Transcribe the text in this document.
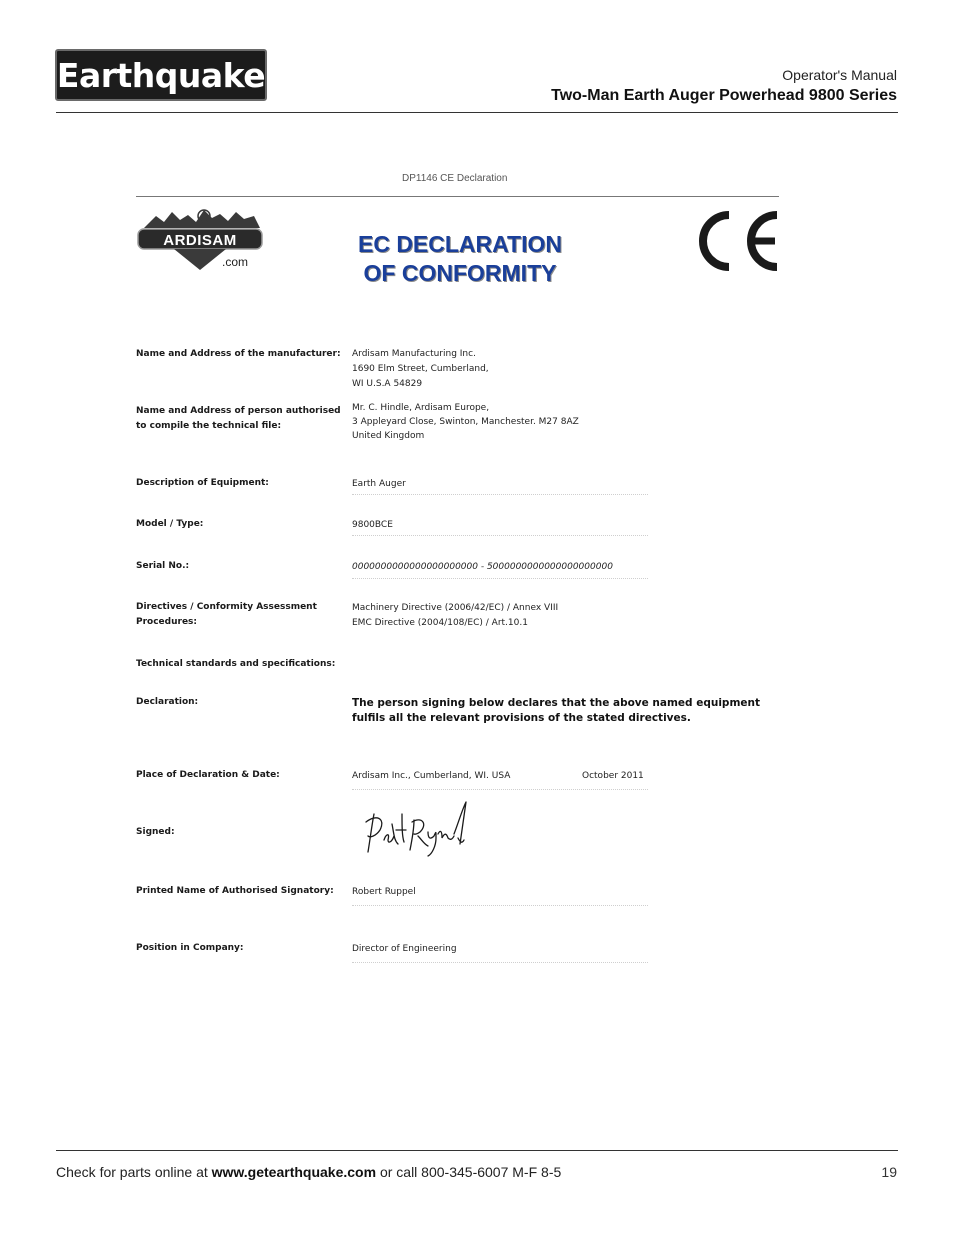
Earthquake	Operator's Manual
Two-Man Earth Auger Powerhead 9800 Series
DP1146 CE Declaration
ARDISAM
.com
EC DECLARATION
OF CONFORMITY
Name and Address of the manufacturer: Ardisam Manufacturing Inc.
1690 Elm Street, Cumberland,
WI U.S.A 54829
Name and Address of person authorised
to compile the technical file:
Mr. C. Hindle, Ardisam Europe,
3 Appleyard Close, Swinton, Manchester. M27 8AZ
United Kingdom
Description of Equipment:	Earth Auger
Model / Type:	9800BCE
Serial No.:	0000000000000000000000 - 5000000000000000000000
Directives / Conformity Assessment
Procedures:
Machinery Directive (2006/42/EC) / Annex VIII
EMC Directive (2004/108/EC) / Art.10.1
Technical standards and specifications:
Declaration:	The person signing below declares that the above named equipment
fulfils all the relevant provisions of the stated directives.
Place of Declaration & Date:	Ardisam Inc., Cumberland, WI. USA	October 2011
Signed:
Printed Name of Authorised Signatory: Robert Ruppel
Position in Company:	Director of Engineering
Check for parts online at www.getearthquake.com or call 800-345-6007 M-F 8-5	19
